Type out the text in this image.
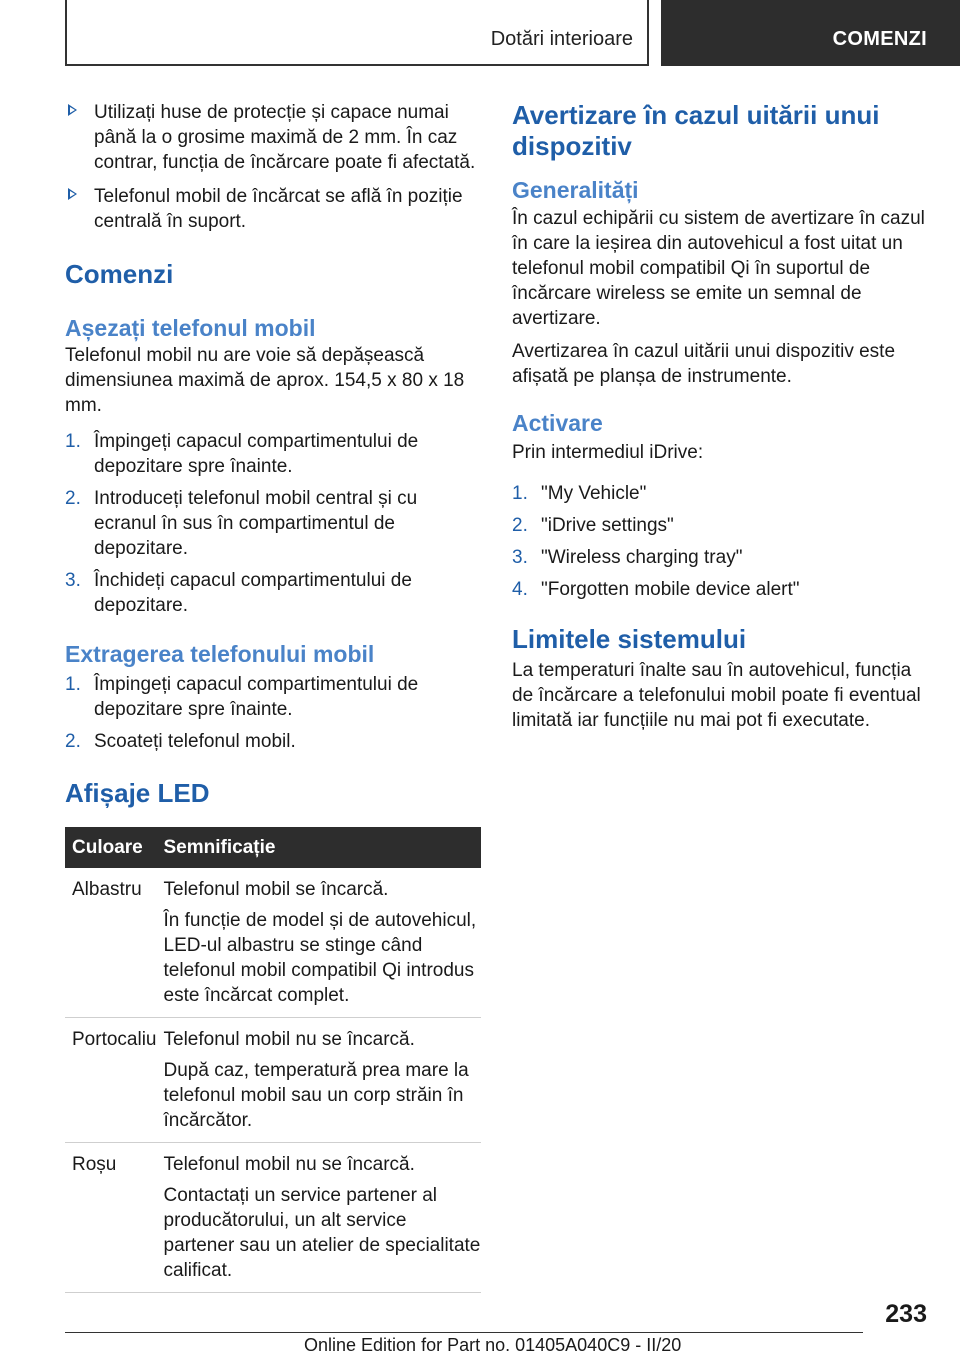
Dotări interioare	COMENZI
Utilizați huse de protecție și capace numai până la o grosime maximă de 2 mm. În caz contrar, funcția de încărcare poate fi afectată.
Telefonul mobil de încărcat se află în poziție centrală în suport.
Comenzi
Așezați telefonul mobil

Telefonul mobil nu are voie să depășească dimensiunea maximă de aprox. 154,5 x 80 x 18 mm.

1. Împingeți capacul compartimentului de depozitare spre înainte.
2. Introduceți telefonul mobil central și cu ecranul în sus în compartimentul de depozitare.
3. Închideți capacul compartimentului de depozitare.
Extragerea telefonului mobil
1. Împingeți capacul compartimentului de depozitare spre înainte.
2. Scoateți telefonul mobil.
Afișaje LED
Culoare	Semnificație
Albastru	Telefonul mobil se încarcă.

În funcție de model și de autovehicul, LED-ul albastru se stinge când telefonul mobil compatibil Qi introdus este încărcat complet.

Portocaliu	Telefonul mobil nu se încarcă.

După caz, temperatură prea mare la telefonul mobil sau un corp străin în încărcător.

Roșu	Telefonul mobil nu se încarcă.

Contactați un service partener al producătorului, un alt service partener sau un atelier de specialitate calificat.

Avertizare în cazul uitării unui dispozitiv
Generalități

În cazul echipării cu sistem de avertizare în cazul în care la ieșirea din autovehicul a fost uitat un telefonul mobil compatibil Qi în suportul de încărcare wireless se emite un semnal de avertizare.

Avertizarea în cazul uitării unui dispozitiv este afișată pe planșa de instrumente.

Activare

Prin intermediul iDrive:

1. "My Vehicle"
2. "iDrive settings"
3. "Wireless charging tray"
4. "Forgotten mobile device alert"
Limitele sistemului

La temperaturi înalte sau în autovehicul, funcția de încărcare a telefonului mobil poate fi eventual limitată iar funcțiile nu mai pot fi executate.

233
Online Edition for Part no. 01405A040C9 - II/20
